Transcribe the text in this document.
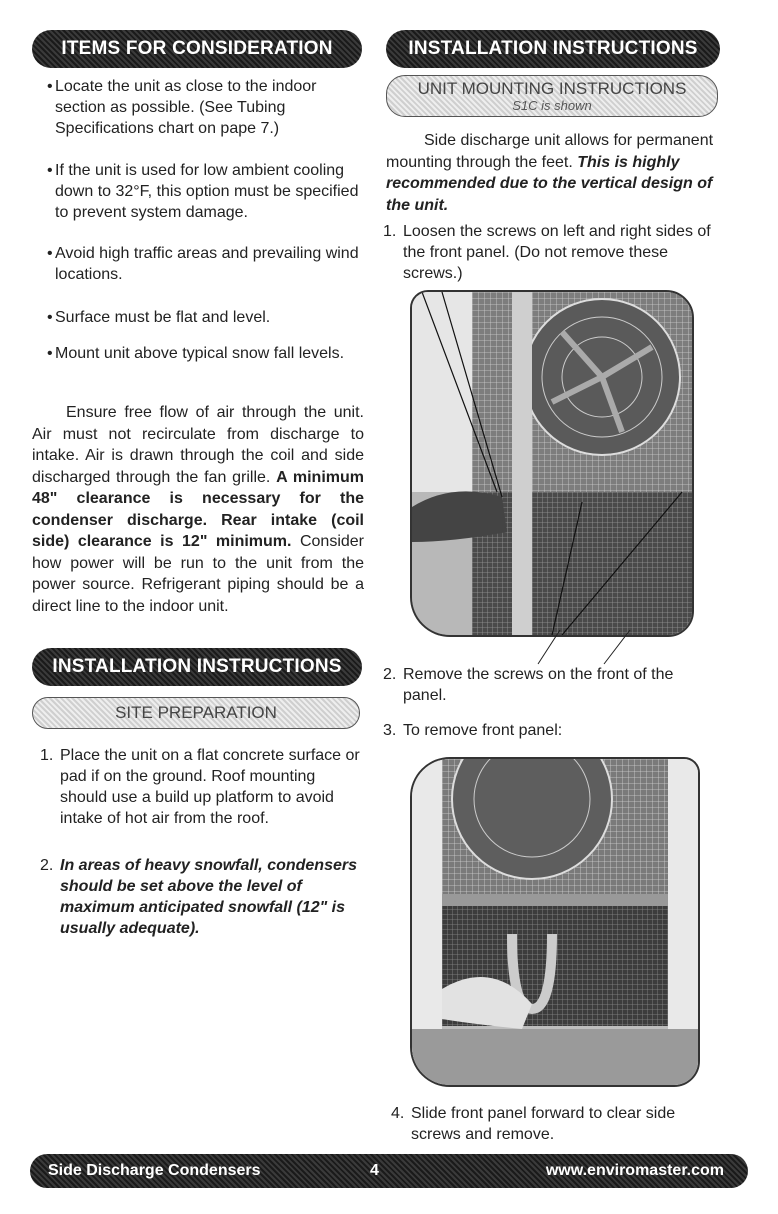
ITEMS FOR CONSIDERATION
• Locate the unit as close to the indoor section as possible. (See Tubing Specifications chart on pape 7.)
• If the unit is used for low ambient cooling down to 32°F, this option must be specified to prevent system damage.
• Avoid high traffic areas and prevailing wind locations.
• Surface must be flat and level.
• Mount unit above typical snow fall levels.
Ensure free flow of air through the unit. Air must not recirculate from discharge to intake. Air is drawn through the coil and side discharged through the fan grille. A minimum 48" clearance is necessary for the condenser discharge. Rear intake (coil side) clearance is 12" minimum. Consider how power will be run to the unit from the power source. Refrigerant piping should be a direct line to the indoor unit.
INSTALLATION INSTRUCTIONS
SITE PREPARATION
1. Place the unit on a flat concrete surface or pad if on the ground. Roof mounting should use a build up platform to avoid intake of hot air from the roof.
2. In areas of heavy snowfall, condensers should be set above the level of maximum anticipated snowfall (12" is usually adequate).
INSTALLATION INSTRUCTIONS
UNIT MOUNTING INSTRUCTIONS
S1C is shown
Side discharge unit allows for permanent mounting through the feet. This is highly recommended due to the vertical design of the unit.
1. Loosen the screws on left and right sides of the front panel. (Do not remove these screws.)
2. Remove the screws on the front of the panel.
3. To remove front panel:
4. Slide front panel forward to clear side screws and remove.
Side Discharge Condensers	4	www.enviromaster.com
